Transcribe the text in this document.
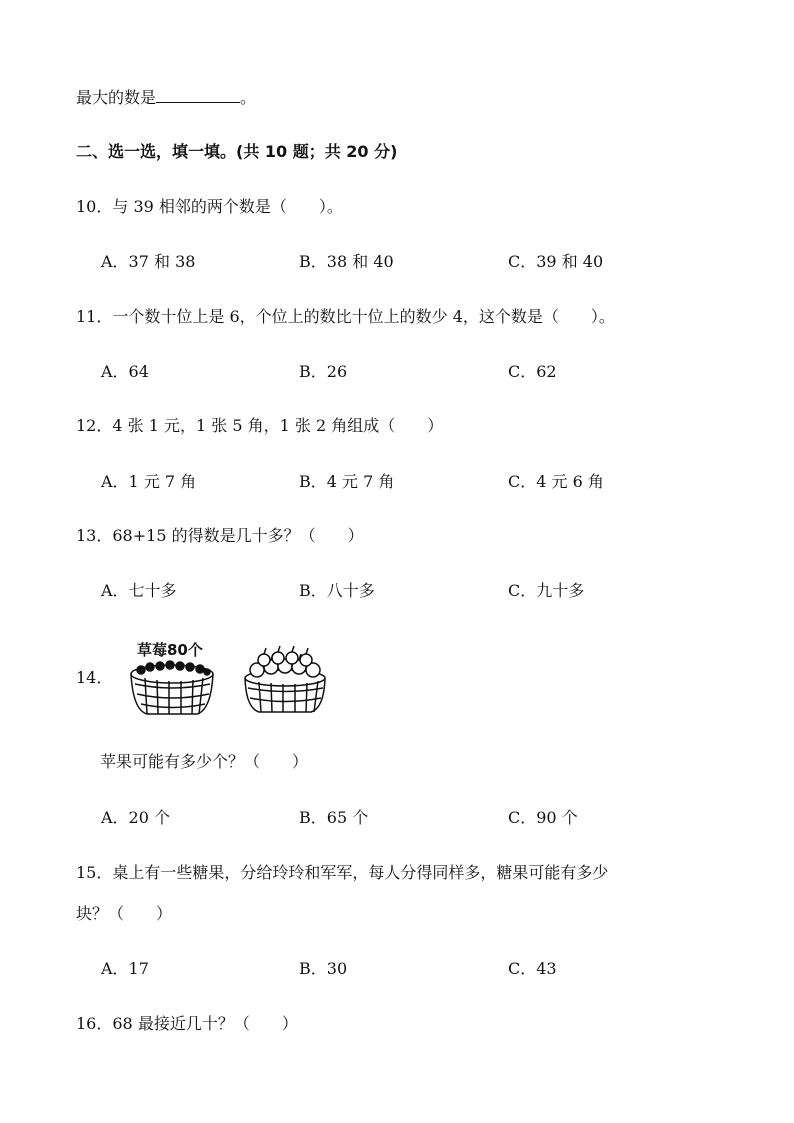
最大的数是	。
二、选一选，填一填。(共 10 题；共 20 分)
10．与 39 相邻的两个数是（　　）。
A．37 和 38	B．38 和 40	C．39 和 40
11．一个数十位上是 6，个位上的数比十位上的数少 4，这个数是（　　）。
A．64	B．26	C．62
12．4 张 1 元，1 张 5 角，1 张 2 角组成（　　）
A．1 元 7 角	B．4 元 7 角	C．4 元 6 角
13．68+15 的得数是几十多？（　　）
A．七十多	B．八十多	C．九十多
14．
草莓80个
苹果可能有多少个？（　　）
A．20 个	B．65 个	C．90 个
15．桌上有一些糖果，分给玲玲和军军，每人分得同样多，糖果可能有多少
块？（　　）
A．17	B．30	C．43
16．68 最接近几十？（　　）
